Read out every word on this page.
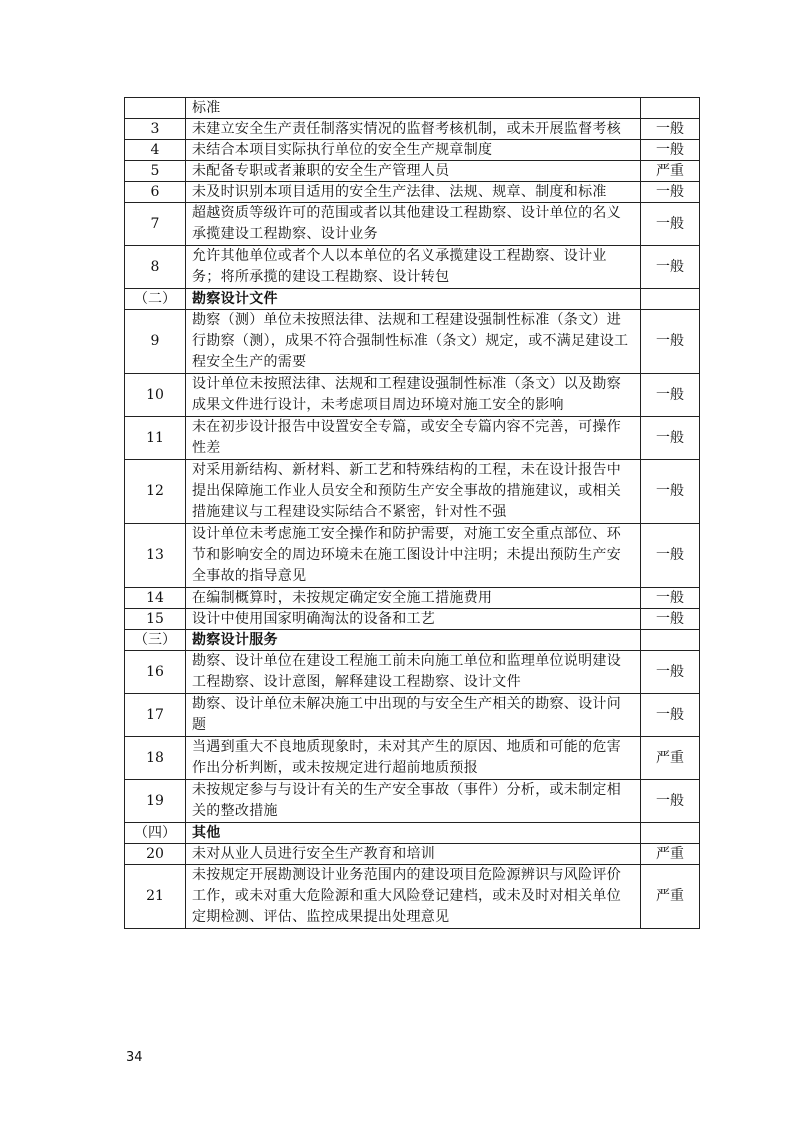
	标准	
3	未建立安全生产责任制落实情况的监督考核机制，或未开展监督考核	一般
4	未结合本项目实际执行单位的安全生产规章制度	一般
5	未配备专职或者兼职的安全生产管理人员	严重
6	未及时识别本项目适用的安全生产法律、法规、规章、制度和标准	一般
7	超越资质等级许可的范围或者以其他建设工程勘察、设计单位的名义承揽建设工程勘察、设计业务	一般
8	允许其他单位或者个人以本单位的名义承揽建设工程勘察、设计业务；将所承揽的建设工程勘察、设计转包	一般
（二）	勘察设计文件	
9	勘察（测）单位未按照法律、法规和工程建设强制性标准（条文）进行勘察（测），成果不符合强制性标准（条文）规定，或不满足建设工程安全生产的需要	一般
10	设计单位未按照法律、法规和工程建设强制性标准（条文）以及勘察成果文件进行设计，未考虑项目周边环境对施工安全的影响	一般
11	未在初步设计报告中设置安全专篇，或安全专篇内容不完善，可操作性差	一般
12	对采用新结构、新材料、新工艺和特殊结构的工程，未在设计报告中提出保障施工作业人员安全和预防生产安全事故的措施建议，或相关措施建议与工程建设实际结合不紧密，针对性不强	一般
13	设计单位未考虑施工安全操作和防护需要，对施工安全重点部位、环节和影响安全的周边环境未在施工图设计中注明；未提出预防生产安全事故的指导意见	一般
14	在编制概算时，未按规定确定安全施工措施费用	一般
15	设计中使用国家明确淘汰的设备和工艺	一般
（三）	勘察设计服务	
16	勘察、设计单位在建设工程施工前未向施工单位和监理单位说明建设工程勘察、设计意图，解释建设工程勘察、设计文件	一般
17	勘察、设计单位未解决施工中出现的与安全生产相关的勘察、设计问题	一般
18	当遇到重大不良地质现象时，未对其产生的原因、地质和可能的危害作出分析判断，或未按规定进行超前地质预报	严重
19	未按规定参与与设计有关的生产安全事故（事件）分析，或未制定相关的整改措施	一般
（四）	其他	
20	未对从业人员进行安全生产教育和培训	严重
21	未按规定开展勘测设计业务范围内的建设项目危险源辨识与风险评价工作，或未对重大危险源和重大风险登记建档，或未及时对相关单位定期检测、评估、监控成果提出处理意见	严重
34
